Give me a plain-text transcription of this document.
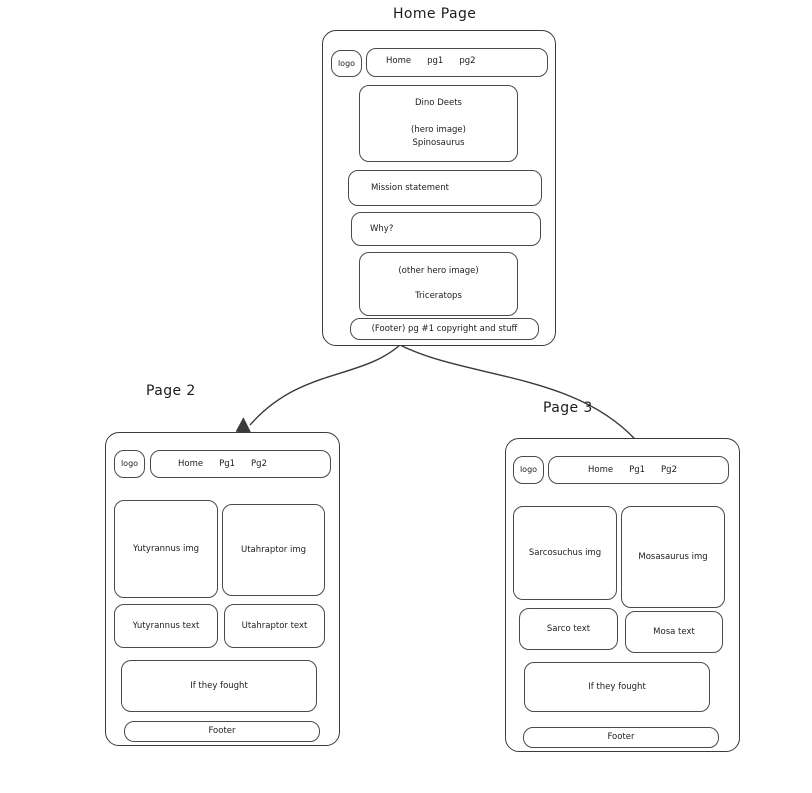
Home Page
logo	Home pg1 pg2
Dino Deets
(hero image)
Spinosaurus
Mission statement
Why?
(other hero image)
Triceratops
(Footer) pg #1 copyright and stuff
Page 2
logo	Home Pg1 Pg2
Yutyrannus img	Utahraptor img
Yutyrannus text	Utahraptor text
If they fought
Footer
Page 3
logo	Home Pg1 Pg2
Sarcosuchus img	Mosasaurus img
Sarco text	Mosa text
If they fought
Footer
